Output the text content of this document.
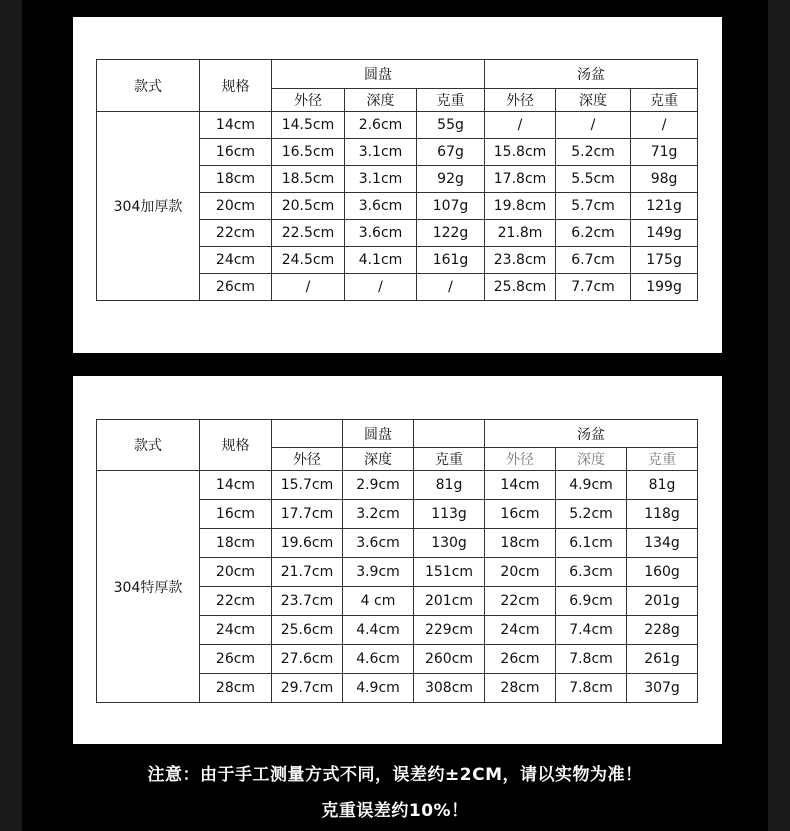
款式	规格	圆盘			汤盆		
		外径	深度	克重	外径	深度	克重
304加厚款	14cm	14.5cm	2.6cm	55g	/	/	/
	16cm	16.5cm	3.1cm	67g	15.8cm	5.2cm	71g
	18cm	18.5cm	3.1cm	92g	17.8cm	5.5cm	98g
	20cm	20.5cm	3.6cm	107g	19.8cm	5.7cm	121g
	22cm	22.5cm	3.6cm	122g	21.8m	6.2cm	149g
	24cm	24.5cm	4.1cm	161g	23.8cm	6.7cm	175g
	26cm	/	/	/	25.8cm	7.7cm	199g
款式	规格		圆盘		汤盆		
		外径	深度	克重	外径	深度	克重
304特厚款	14cm	15.7cm	2.9cm	81g	14cm	4.9cm	81g
	16cm	17.7cm	3.2cm	113g	16cm	5.2cm	118g
	18cm	19.6cm	3.6cm	130g	18cm	6.1cm	134g
	20cm	21.7cm	3.9cm	151cm	20cm	6.3cm	160g
	22cm	23.7cm	4 cm	201cm	22cm	6.9cm	201g
	24cm	25.6cm	4.4cm	229cm	24cm	7.4cm	228g
	26cm	27.6cm	4.6cm	260cm	26cm	7.8cm	261g
	28cm	29.7cm	4.9cm	308cm	28cm	7.8cm	307g
注意：由于手工测量方式不同，误差约±2CM，请以实物为准！
克重误差约10%！
